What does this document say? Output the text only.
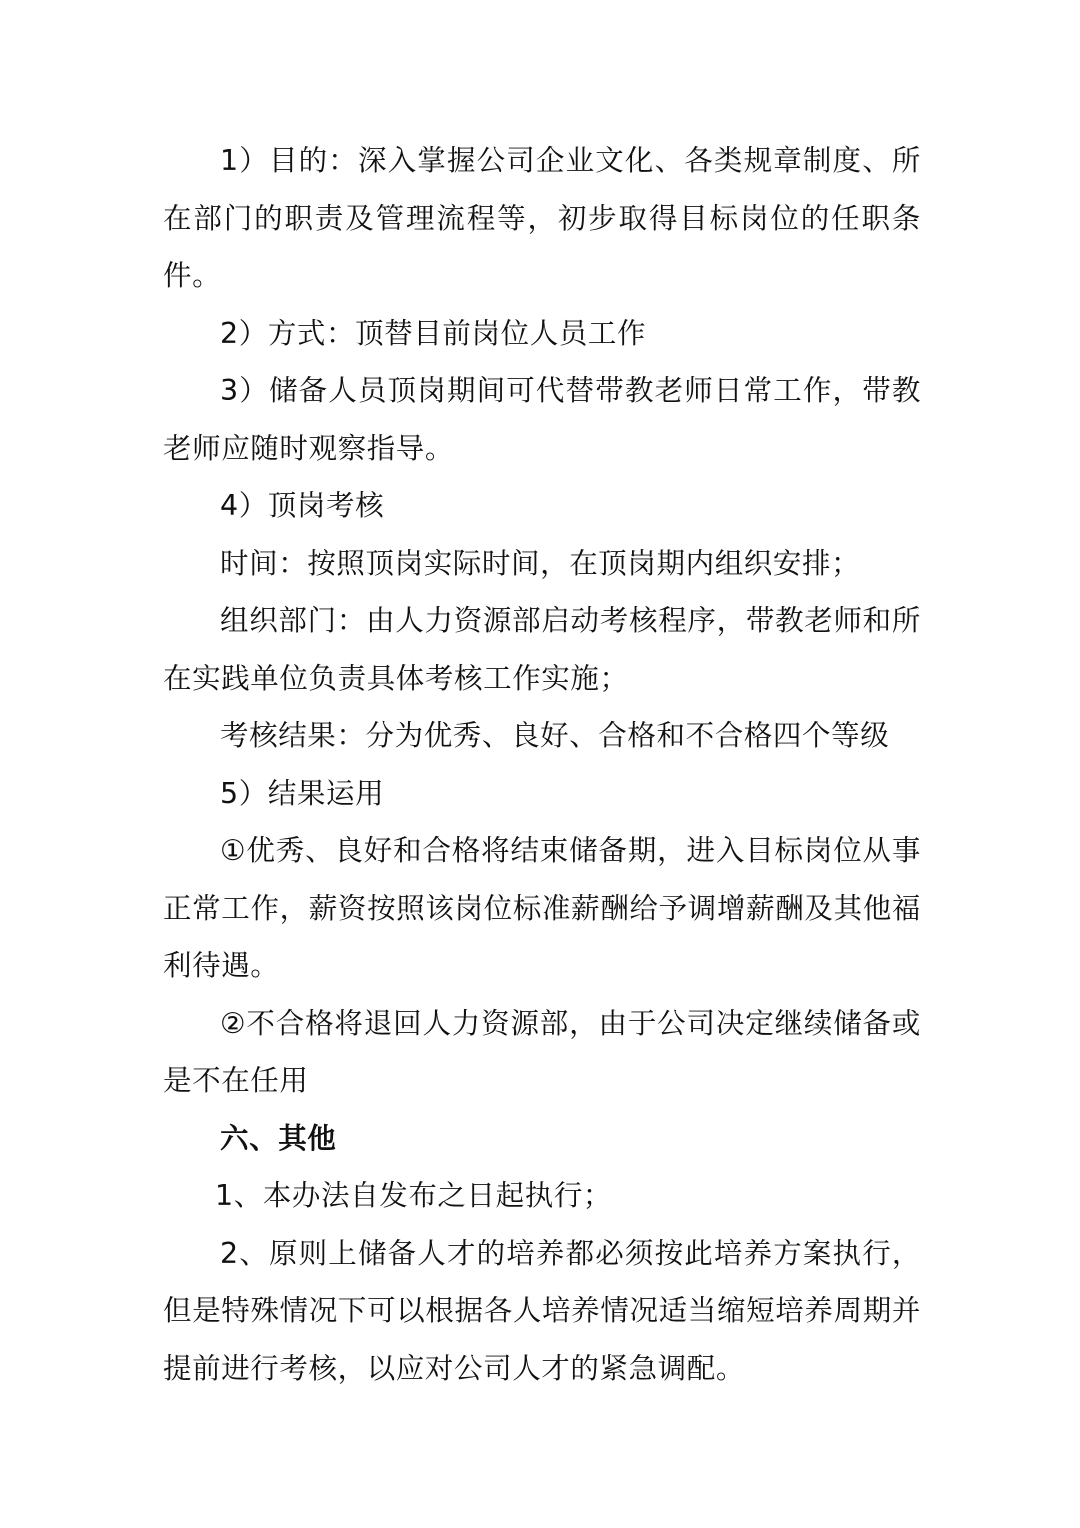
1）目的：深入掌握公司企业文化、各类规章制度、所在部门的职责及管理流程等，初步取得目标岗位的任职条件。

2）方式：顶替目前岗位人员工作

3）储备人员顶岗期间可代替带教老师日常工作，带教老师应随时观察指导。

4）顶岗考核

时间：按照顶岗实际时间，在顶岗期内组织安排；

组织部门：由人力资源部启动考核程序，带教老师和所在实践单位负责具体考核工作实施；

考核结果：分为优秀、良好、合格和不合格四个等级

5）结果运用

①优秀、良好和合格将结束储备期，进入目标岗位从事正常工作，薪资按照该岗位标准薪酬给予调增薪酬及其他福利待遇。

②不合格将退回人力资源部，由于公司决定继续储备或是不在任用

六、其他

1、本办法自发布之日起执行；

2、原则上储备人才的培养都必须按此培养方案执行，但是特殊情况下可以根据各人培养情况适当缩短培养周期并提前进行考核，以应对公司人才的紧急调配。
